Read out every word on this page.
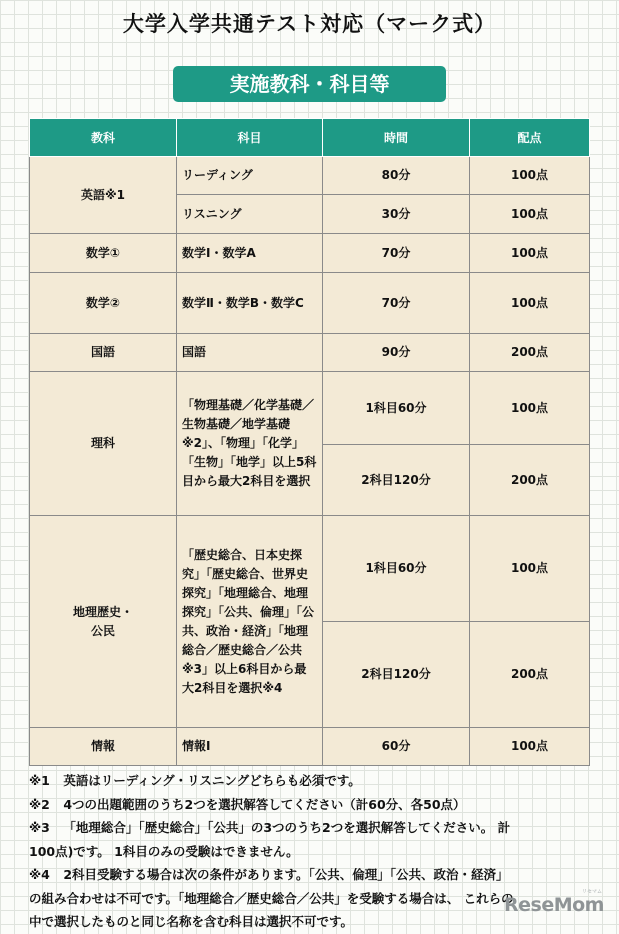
大学入学共通テスト対応（マーク式）
実施教科・科目等
教科	科目	時間	配点
英語※1	リーディング	80分	100点
	リスニング	30分	100点
数学①	数学Ⅰ・数学A	70分	100点
数学②	数学Ⅱ・数学B・数学C	70分	100点
国語	国語	90分	200点
理科	「物理基礎／化学基礎／生物基礎／地学基礎※2」、「物理」「化学」「生物」「地学」以上5科目から最大2科目を選択	1科目60分	100点
		2科目120分	200点
地理歴史・
公民	「歴史総合、日本史探究」「歴史総合、世界史探究」「地理総合、地理探究」「公共、倫理」「公共、政治・経済」「地理総合／歴史総合／公共※3」以上6科目から最大2科目を選択※4	1科目60分	100点
		2科目120分	200点
情報	情報Ⅰ	60分	100点
※1 英語はリーディング・リスニングどちらも必須です。
※2 4つの出題範囲のうち2つを選択解答してください（計60分、各50点）
※3 「地理総合」「歴史総合」「公共」の3つのうち2つを選択解答してください。 計
100点)です。 1科目のみの受験はできません。
※4 2科目受験する場合は次の条件があります。「公共、倫理」「公共、政治・経済」
の組み合わせは不可です。「地理総合／歴史総合／公共」を受験する場合は、 これらの
中で選択したものと同じ名称を含む科目は選択不可です。
リセマム
ReseMom
